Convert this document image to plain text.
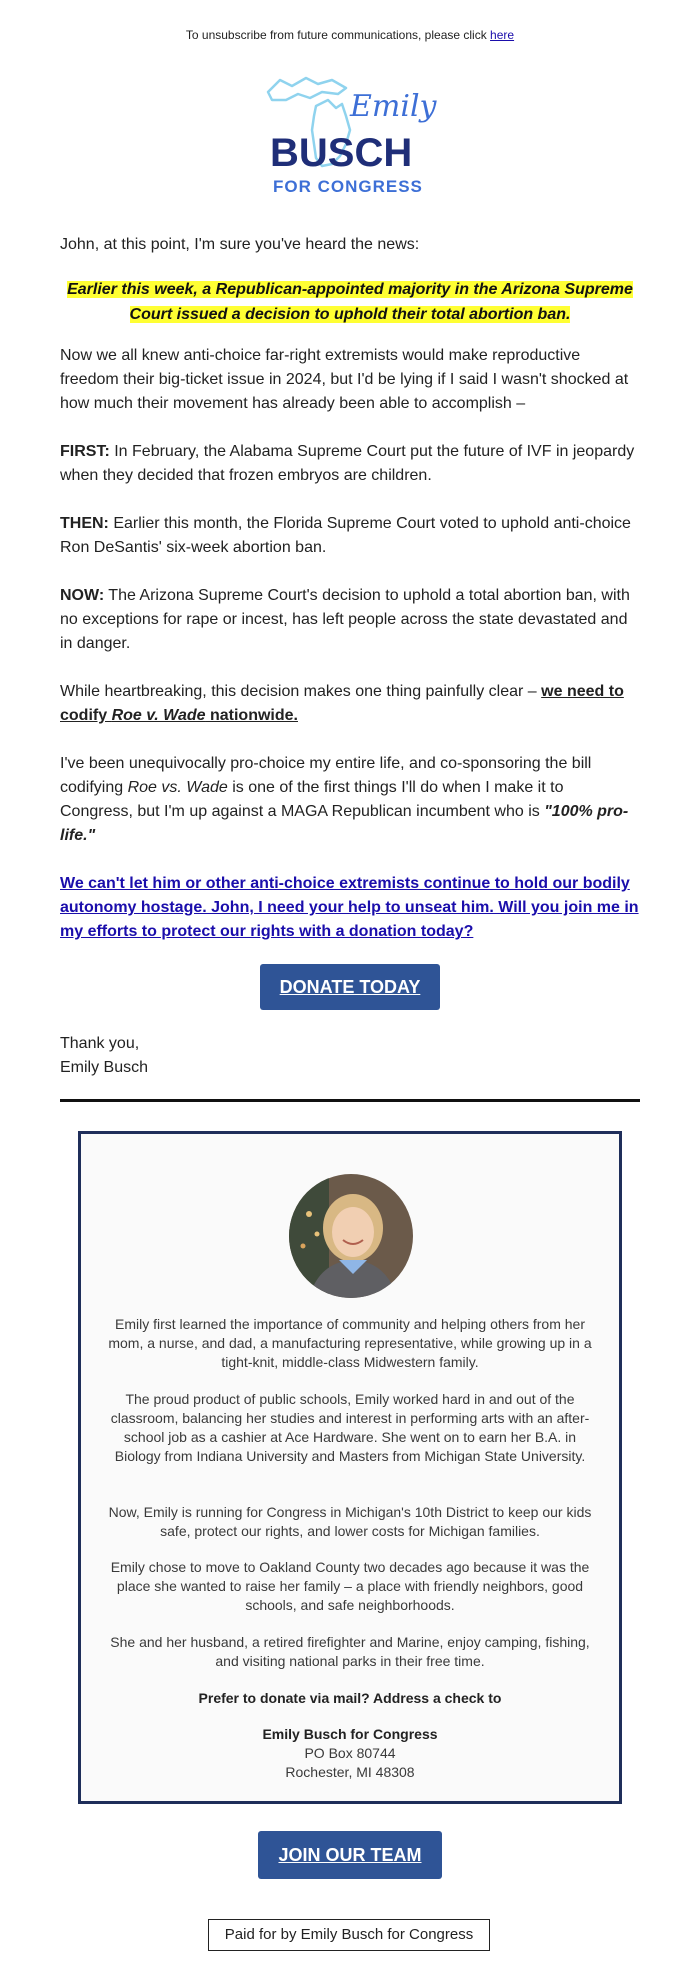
To unsubscribe from future communications, please click here
Emily
BUSCH
FOR CONGRESS

John, at this point, I'm sure you've heard the news:

Earlier this week, a Republican-appointed majority in the Arizona Supreme Court issued a decision to uphold their total abortion ban.

Now we all knew anti-choice far-right extremists would make reproductive freedom their big-ticket issue in 2024, but I'd be lying if I said I wasn't shocked at how much their movement has already been able to accomplish –

FIRST: In February, the Alabama Supreme Court put the future of IVF in jeopardy when they decided that frozen embryos are children.

THEN: Earlier this month, the Florida Supreme Court voted to uphold anti-choice Ron DeSantis' six-week abortion ban.

NOW: The Arizona Supreme Court's decision to uphold a total abortion ban, with no exceptions for rape or incest, has left people across the state devastated and in danger.

While heartbreaking, this decision makes one thing painfully clear – we need to codify Roe v. Wade nationwide.

I've been unequivocally pro-choice my entire life, and co-sponsoring the bill codifying Roe vs. Wade is one of the first things I'll do when I make it to Congress, but I'm up against a MAGA Republican incumbent who is "100% pro-life."

We can't let him or other anti-choice extremists continue to hold our bodily autonomy hostage. John, I need your help to unseat him. Will you join me in my efforts to protect our rights with a donation today?

DONATE TODAY

Thank you,
Emily Busch

Emily first learned the importance of community and helping others from her mom, a nurse, and dad, a manufacturing representative, while growing up in a tight-knit, middle-class Midwestern family.

The proud product of public schools, Emily worked hard in and out of the classroom, balancing her studies and interest in performing arts with an after-school job as a cashier at Ace Hardware. She went on to earn her B.A. in Biology from Indiana University and Masters from Michigan State University.

Now, Emily is running for Congress in Michigan's 10th District to keep our kids safe, protect our rights, and lower costs for Michigan families.

Emily chose to move to Oakland County two decades ago because it was the place she wanted to raise her family – a place with friendly neighbors, good schools, and safe neighborhoods.

She and her husband, a retired firefighter and Marine, enjoy camping, fishing, and visiting national parks in their free time.

Prefer to donate via mail? Address a check to

Emily Busch for Congress
PO Box 80744
Rochester, MI 48308

JOIN OUR TEAM
Paid for by Emily Busch for Congress
